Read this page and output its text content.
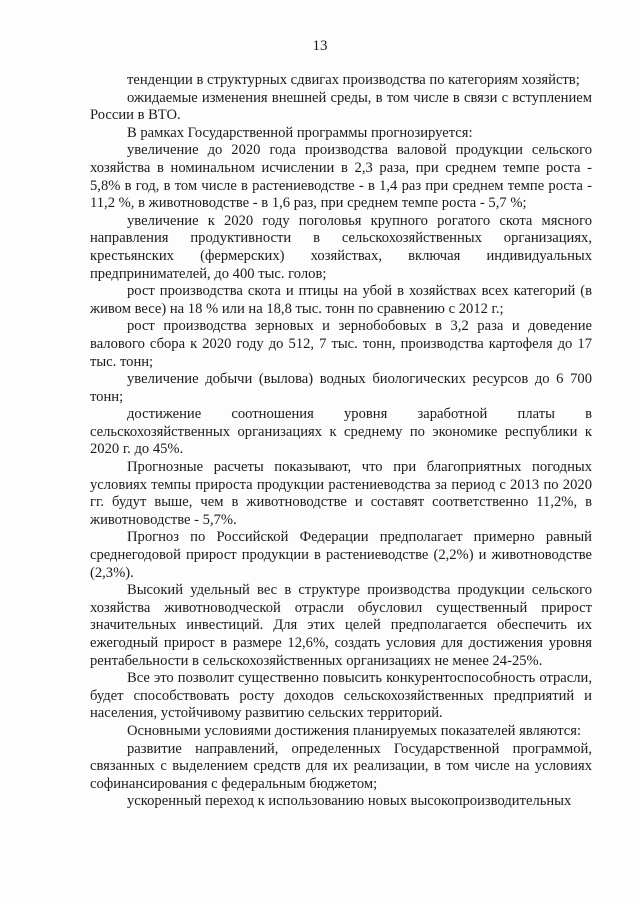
13

тенденции в структурных сдвигах производства по категориям хозяйств;

ожидаемые изменения внешней среды, в том числе в связи с вступлением России в ВТО.

В рамках Государственной программы прогнозируется:

увеличение до 2020 года производства валовой продукции сельского хозяйства в номинальном исчислении в 2,3 раза, при среднем темпе роста - 5,8% в год, в том числе в растениеводстве - в 1,4 раз при среднем темпе роста - 11,2 %, в животноводстве - в 1,6 раз, при среднем темпе роста - 5,7 %;

увеличение к 2020 году поголовья крупного рогатого скота мясного направления продуктивности в сельскохозяйственных организациях, крестьянских (фермерских) хозяйствах, включая индивидуальных предпринимателей, до 400 тыс. голов;

рост производства скота и птицы на убой в хозяйствах всех категорий (в живом весе) на 18 % или на 18,8 тыс. тонн по сравнению с 2012 г.;

рост производства зерновых и зернобобовых в 3,2 раза и доведение валового сбора к 2020 году до 512, 7 тыс. тонн, производства картофеля до 17 тыс. тонн;

увеличение добычи (вылова) водных биологических ресурсов до 6 700 тонн;

достижение соотношения уровня заработной платы в сельскохозяйственных организациях к среднему по экономике республики к 2020 г. до 45%.

Прогнозные расчеты показывают, что при благоприятных погодных условиях темпы прироста продукции растениеводства за период с 2013 по 2020 гг. будут выше, чем в животноводстве и составят соответственно 11,2%, в животноводстве - 5,7%.

Прогноз по Российской Федерации предполагает примерно равный среднегодовой прирост продукции в растениеводстве (2,2%) и животноводстве (2,3%).

Высокий удельный вес в структуре производства продукции сельского хозяйства животноводческой отрасли обусловил существенный прирост значительных инвестиций. Для этих целей предполагается обеспечить их ежегодный прирост в размере 12,6%, создать условия для достижения уровня рентабельности в сельскохозяйственных организациях не менее 24-25%.

Все это позволит существенно повысить конкурентоспособность отрасли, будет способствовать росту доходов сельскохозяйственных предприятий и населения, устойчивому развитию сельских территорий.

Основными условиями достижения планируемых показателей являются:

развитие направлений, определенных Государственной программой, связанных с выделением средств для их реализации, в том числе на условиях софинансирования с федеральным бюджетом;

ускоренный переход к использованию новых высокопроизводительных
